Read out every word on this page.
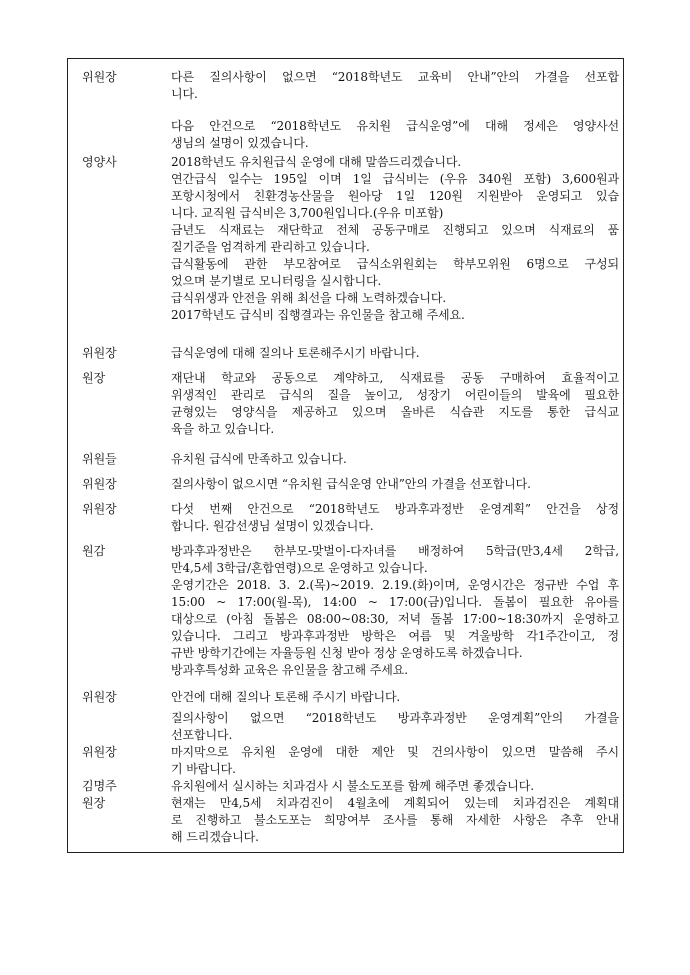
위원장	다른 질의사항이 없으면 “2018학년도 교육비 안내”안의 가결을 선포합
니다.
다음 안건으로 “2018학년도 유치원 급식운영”에 대해 정세은 영양사선
생님의 설명이 있겠습니다.
영양사	2018학년도 유치원급식 운영에 대해 말씀드리겠습니다.
연간급식 일수는 195일 이며 1일 급식비는 (우유 340원 포함) 3,600원과
포항시청에서 친환경농산물을 원아당 1일 120원 지원받아 운영되고 있습
니다. 교직원 급식비은 3,700원입니다.(우유 미포함)
금년도 식재료는 재단학교 전체 공동구매로 진행되고 있으며 식재료의 품
질기준을 엄격하게 관리하고 있습니다.
급식활동에 관한 부모참여로 급식소위원회는 학부모위원 6명으로 구성되
었으며 분기별로 모니터링을 실시합니다.
급식위생과 안전을 위해 최선을 다해 노력하겠습니다.
2017학년도 급식비 집행결과는 유인물을 참고해 주세요.
위원장	급식운영에 대해 질의나 토론해주시기 바랍니다.
원장	재단내 학교와 공동으로 계약하고, 식재료를 공동 구매하여 효율적이고
위생적인 관리로 급식의 질을 높이고, 성장기 어린이들의 발육에 필요한
균형있는 영양식을 제공하고 있으며 올바른 식습관 지도를 통한 급식교
육을 하고 있습니다.
위원들	유치원 급식에 만족하고 있습니다.
위원장	질의사항이 없으시면 “유치원 급식운영 안내”안의 가결을 선포합니다.
위원장	다섯 번째 안건으로 “2018학년도 방과후과정반 운영계획” 안건을 상정
합니다. 원감선생님 설명이 있겠습니다.
원감	방과후과정반은 한부모-맞벌이-다자녀를 배정하여 5학급(만3,4세 2학급,
만4,5세 3학급/혼합연령)으로 운영하고 있습니다.
운영기간은 2018. 3. 2.(목)~2019. 2.19.(화)이며, 운영시간은 정규반 수업 후
15:00 ~ 17:00(월-목), 14:00 ~ 17:00(금)입니다. 돌봄이 필요한 유아를
대상으로 (아침 돌봄은 08:00~08:30, 저녁 돌봄 17:00~18:30까지 운영하고
있습니다. 그리고 방과후과정반 방학은 여름 및 겨울방학 각1주간이고, 정
규반 방학기간에는 자율등원 신청 받아 정상 운영하도록 하겠습니다.
방과후특성화 교육은 유인물을 참고해 주세요.
위원장	안건에 대해 질의나 토론해 주시기 바랍니다.
질의사항이 없으면 “2018학년도 방과후과정반 운영계획”안의 가결을
선포합니다.
위원장	마지막으로 유치원 운영에 대한 제안 및 건의사항이 있으면 말씀해 주시
기 바랍니다.
김명주	유치원에서 실시하는 치과검사 시 불소도포를 함께 해주면 좋겠습니다.
원장	현재는 만4,5세 치과검진이 4월초에 계획되어 있는데 치과검진은 계획대
로 진행하고 불소도포는 희망여부 조사를 통해 자세한 사항은 추후 안내
해 드리겠습니다.
